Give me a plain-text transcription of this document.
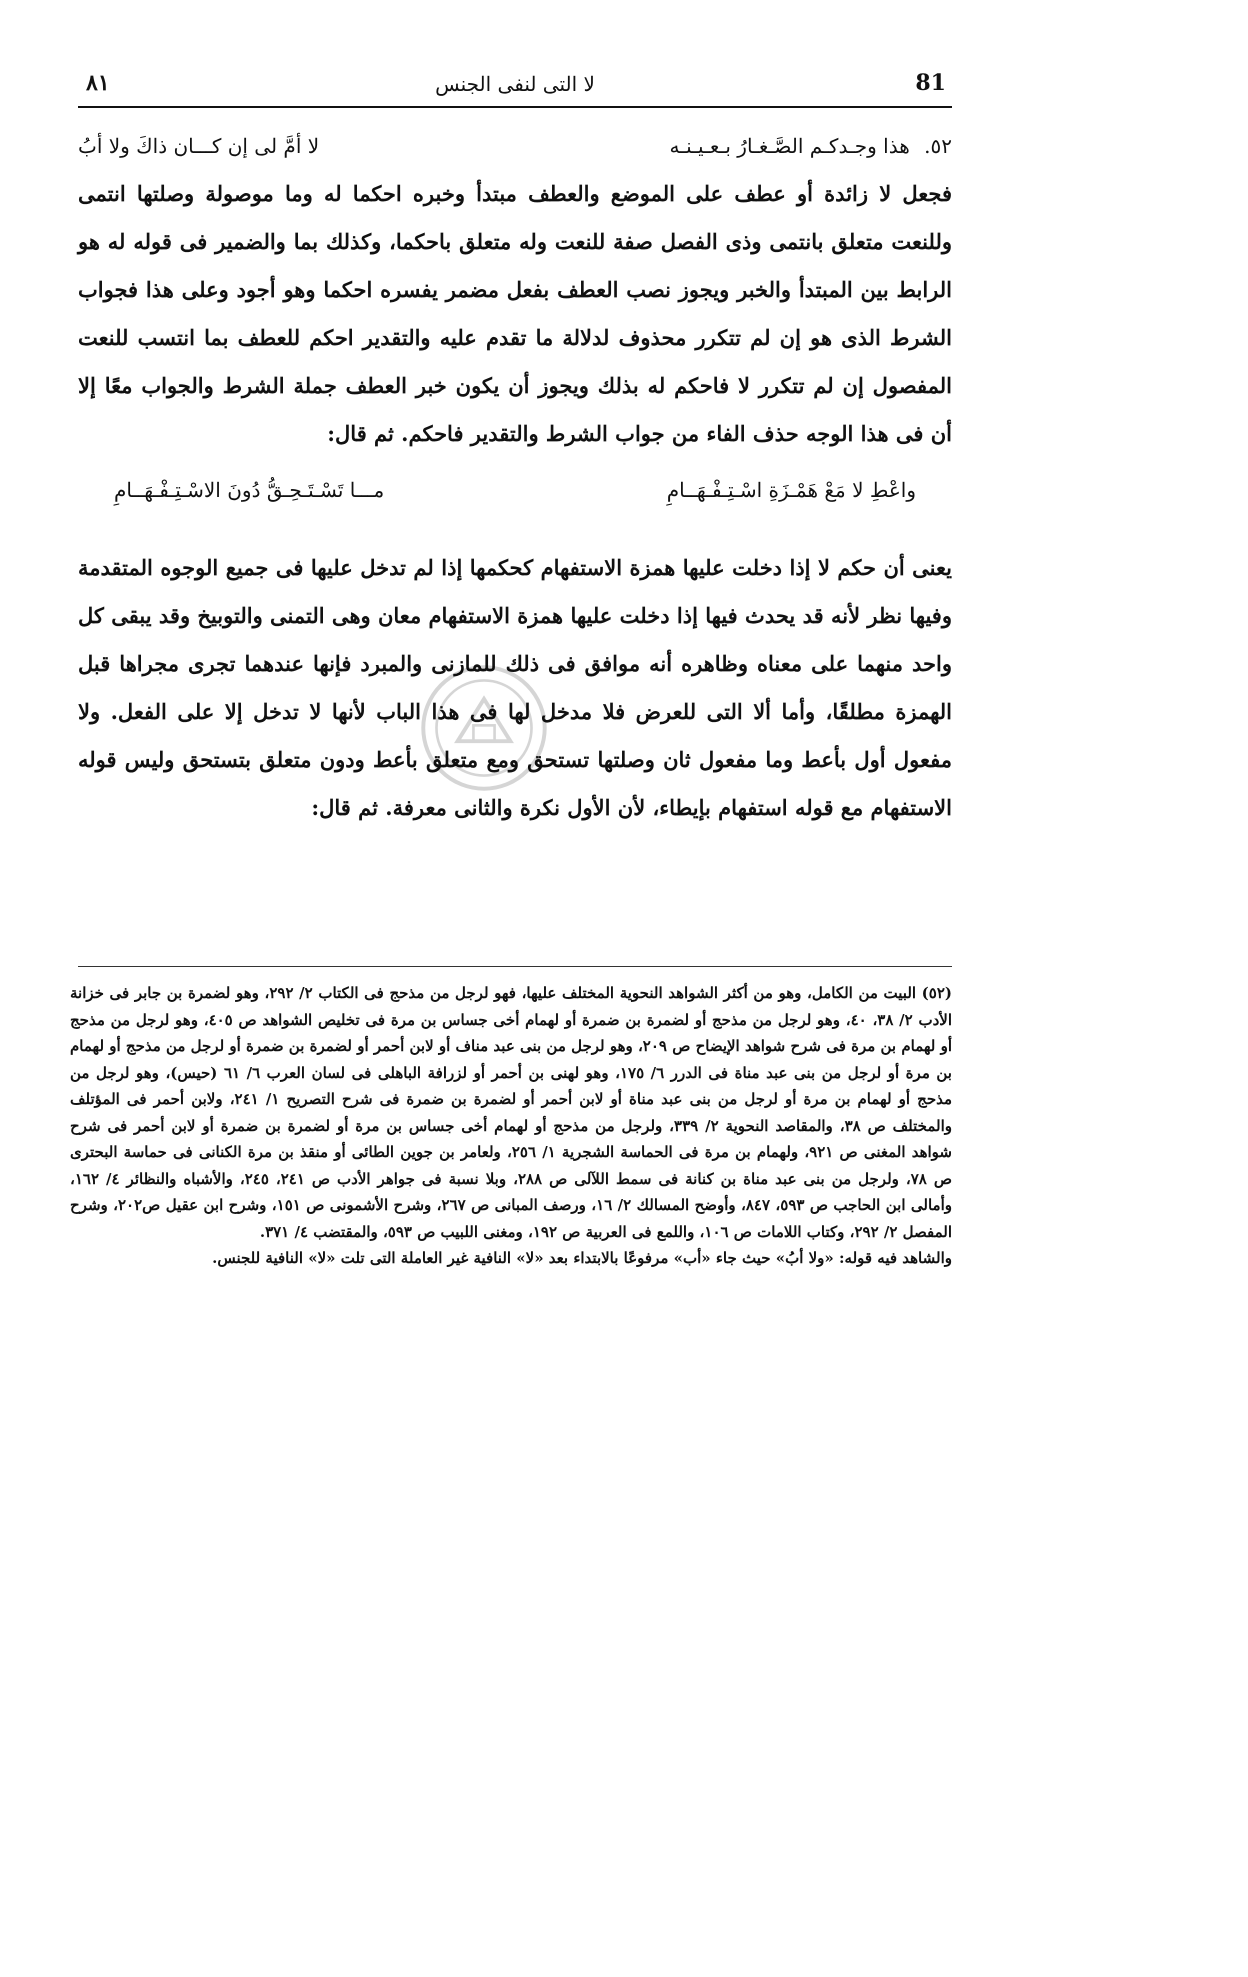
81
لا التى لنفى الجنس
٨١
٥٢. هذا وجـدكـم الصَّـغـارُ بـعـيـنـه
لا أمَّ لى إن كـــان ذاكَ ولا أبُ

فجعل لا زائدة أو عطف على الموضع والعطف مبتدأ وخبره احكما له وما موصولة وصلتها انتمى وللنعت متعلق بانتمى وذى الفصل صفة للنعت وله متعلق باحكما، وكذلك بما والضمير فى قوله له هو الرابط بين المبتدأ والخبر ويجوز نصب العطف بفعل مضمر يفسره احكما وهو أجود وعلى هذا فجواب الشرط الذى هو إن لم تتكرر محذوف لدلالة ما تقدم عليه والتقدير احكم للعطف بما انتسب للنعت المفصول إن لم تتكرر لا فاحكم له بذلك ويجوز أن يكون خبر العطف جملة الشرط والجواب معًا إلا أن فى هذا الوجه حذف الفاء من جواب الشرط والتقدير فاحكم. ثم قال:

واعْطِ لا مَعْ هَمْـزَةِ اسْـتِـفْـهَــامِ
مـــا تَسْـتَـحِـقُّ دُونَ الاسْـتِـفْـهَــامِ

يعنى أن حكم لا إذا دخلت عليها همزة الاستفهام كحكمها إذا لم تدخل عليها فى جميع الوجوه المتقدمة وفيها نظر لأنه قد يحدث فيها إذا دخلت عليها همزة الاستفهام معان وهى التمنى والتوبيخ وقد يبقى كل واحد منهما على معناه وظاهره أنه موافق فى ذلك للمازنى والمبرد فإنها عندهما تجرى مجراها قبل الهمزة مطلقًا، وأما ألا التى للعرض فلا مدخل لها فى هذا الباب لأنها لا تدخل إلا على الفعل. ولا مفعول أول بأعط وما مفعول ثان وصلتها تستحق ومع متعلق بأعط ودون متعلق بتستحق وليس قوله الاستفهام مع قوله استفهام بإيطاء، لأن الأول نكرة والثانى معرفة. ثم قال:

(٥٢) البيت من الكامل، وهو من أكثر الشواهد النحوية المختلف عليها، فهو لرجل من مذحج فى الكتاب ٢/ ٢٩٢، وهو لضمرة بن جابر فى خزانة الأدب ٢/ ٣٨، ٤٠، وهو لرجل من مذحج أو لضمرة بن ضمرة أو لهمام أخى جساس بن مرة فى تخليص الشواهد ص ٤٠٥، وهو لرجل من مذحج أو لهمام بن مرة فى شرح شواهد الإيضاح ص ٢٠٩، وهو لرجل من بنى عبد مناف أو لابن أحمر أو لضمرة بن ضمرة أو لرجل من مذحج أو لهمام بن مرة أو لرجل من بنى عبد مناة فى الدرر ٦/ ١٧٥، وهو لهنى بن أحمر أو لزرافة الباهلى فى لسان العرب ٦/ ٦١ (حيس)، وهو لرجل من مذحج أو لهمام بن مرة أو لرجل من بنى عبد مناة أو لابن أحمر أو لضمرة بن ضمرة فى شرح التصريح ١/ ٢٤١، ولابن أحمر فى المؤتلف والمختلف ص ٣٨، والمقاصد النحوية ٢/ ٣٣٩، ولرجل من مذحج أو لهمام أخى جساس بن مرة أو لضمرة بن ضمرة أو لابن أحمر فى شرح شواهد المغنى ص ٩٢١، ولهمام بن مرة فى الحماسة الشجرية ١/ ٢٥٦، ولعامر بن جوين الطائى أو منقذ بن مرة الكنانى فى حماسة البحترى ص ٧٨، ولرجل من بنى عبد مناة بن كنانة فى سمط اللآلى ص ٢٨٨، وبلا نسبة فى جواهر الأدب ص ٢٤١، ٢٤٥، والأشباه والنظائر ٤/ ١٦٢، وأمالى ابن الحاجب ص ٥٩٣، ٨٤٧، وأوضح المسالك ٢/ ١٦، ورصف المبانى ص ٢٦٧، وشرح الأشمونى ص ١٥١، وشرح ابن عقيل ص٢٠٢، وشرح المفصل ٢/ ٢٩٢، وكتاب اللامات ص ١٠٦، واللمع فى العربية ص ١٩٢، ومغنى اللبيب ص ٥٩٣، والمقتضب ٤/ ٣٧١.

والشاهد فيه قوله: «ولا أبُ» حيث جاء «أب» مرفوعًا بالابتداء بعد «لا» النافية غير العاملة التى تلت «لا» النافية للجنس.
